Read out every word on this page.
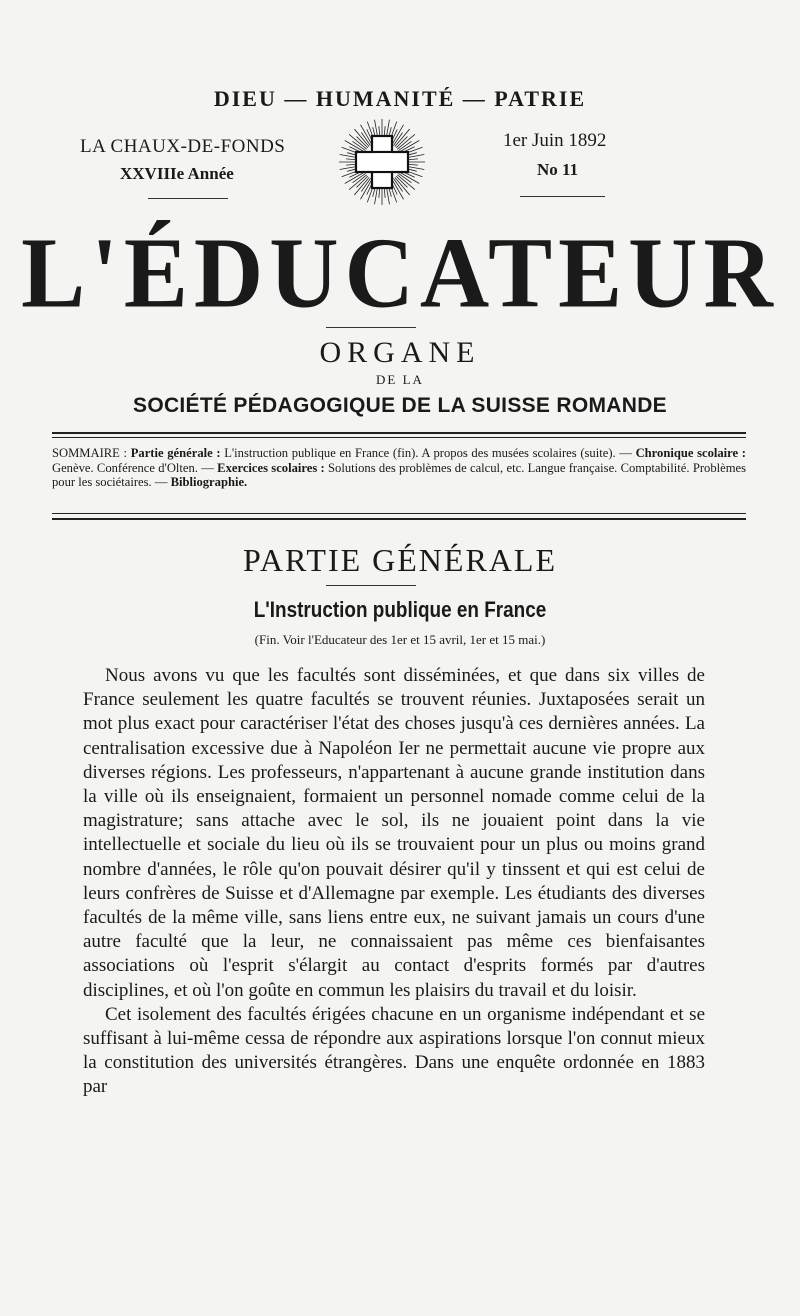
DIEU — HUMANITÉ — PATRIE
LA CHAUX-DE-FONDS
XXVIIIe Année
1er Juin 1892
No 11
L'ÉDUCATEUR
ORGANE
DE LA
SOCIÉTÉ PÉDAGOGIQUE DE LA SUISSE ROMANDE
SOMMAIRE : Partie générale : L'instruction publique en France (fin). A propos des musées scolaires (suite). — Chronique scolaire : Genève. Conférence d'Olten. — Exercices scolaires : Solutions des problèmes de calcul, etc. Langue française. Comptabilité. Problèmes pour les sociétaires. — Bibliographie.
PARTIE GÉNÉRALE
L'Instruction publique en France
(Fin. Voir l'Educateur des 1er et 15 avril, 1er et 15 mai.)

Nous avons vu que les facultés sont disséminées, et que dans six villes de France seulement les quatre facultés se trouvent réunies. Juxtaposées serait un mot plus exact pour caractériser l'état des choses jusqu'à ces dernières années. La centralisation excessive due à Napoléon Ier ne permettait aucune vie propre aux diverses régions. Les professeurs, n'appartenant à aucune grande institution dans la ville où ils enseignaient, formaient un personnel nomade comme celui de la magistrature; sans attache avec le sol, ils ne jouaient point dans la vie intellectuelle et sociale du lieu où ils se trouvaient pour un plus ou moins grand nombre d'années, le rôle qu'on pouvait désirer qu'il y tinssent et qui est celui de leurs confrères de Suisse et d'Allemagne par exemple. Les étudiants des diverses facultés de la même ville, sans liens entre eux, ne suivant jamais un cours d'une autre faculté que la leur, ne connaissaient pas même ces bienfaisantes associations où l'esprit s'élargit au contact d'esprits formés par d'autres disciplines, et où l'on goûte en commun les plaisirs du travail et du loisir.

Cet isolement des facultés érigées chacune en un organisme indépendant et se suffisant à lui-même cessa de répondre aux aspirations lorsque l'on connut mieux la constitution des universités étrangères. Dans une enquête ordonnée en 1883 par
